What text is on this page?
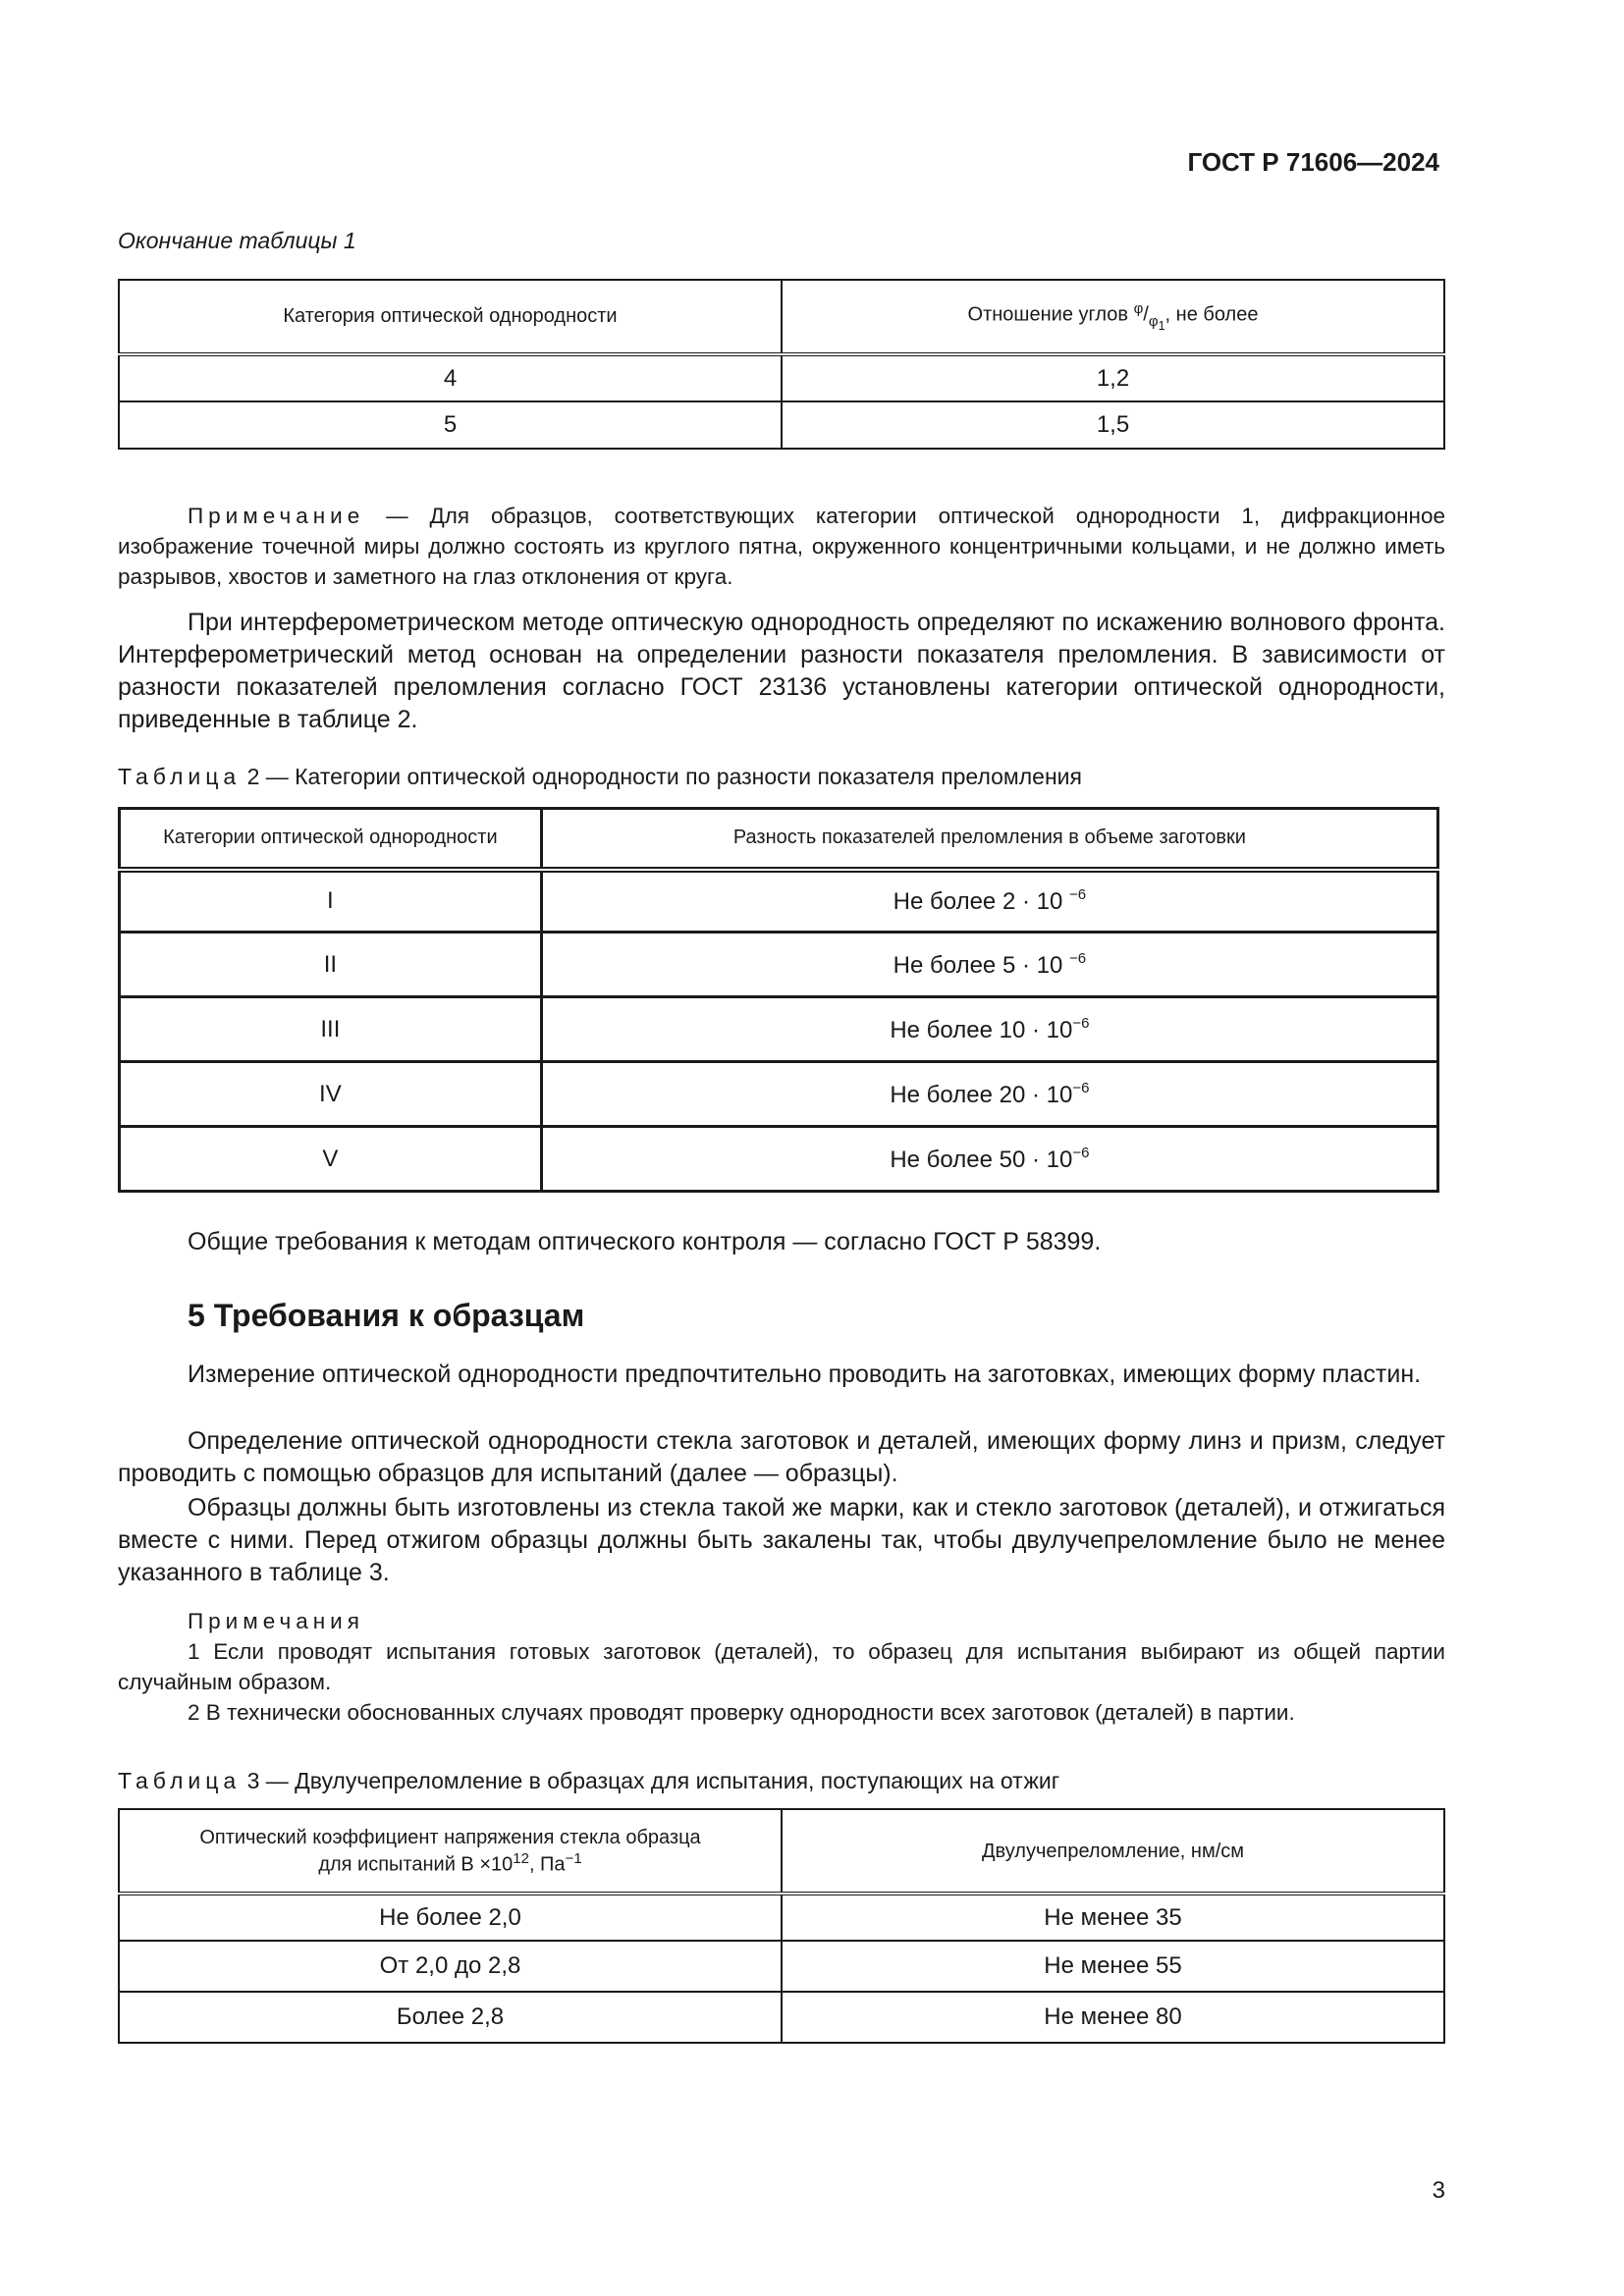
ГОСТ Р 71606—2024
Окончание таблицы 1
Категория оптической однородности	Отношение углов $^\varphi/_{\varphi_1}$, не более
4	1,2
5	1,5
Примечание — Для образцов, соответствующих категории оптической однородности 1, дифракционное изображение точечной миры должно состоять из круглого пятна, окруженного концентричными кольцами, и не должно иметь разрывов, хвостов и заметного на глаз отклонения от круга.
При интерферометрическом методе оптическую однородность определяют по искажению волнового фронта. Интерферометрический метод основан на определении разности показателя преломления. В зависимости от разности показателей преломления согласно ГОСТ 23136 установлены категории оптической однородности, приведенные в таблице 2.
Таблица 2 — Категории оптической однородности по разности показателя преломления
Категории оптической однородности	Разность показателей преломления в объеме заготовки
I	Не более 2 · 10 $^{-6}$
II	Не более 5 · 10 $^{-6}$
III	Не более $10 \cdot 10^{-6}$
IV	Не более $20 \cdot 10^{-6}$
V	Не более $50 \cdot 10^{-6}$
Общие требования к методам оптического контроля — согласно ГОСТ Р 58399.
5 Требования к образцам
Измерение оптической однородности предпочтительно проводить на заготовках, имеющих форму пластин.
Определение оптической однородности стекла заготовок и деталей, имеющих форму линз и призм, следует проводить с помощью образцов для испытаний (далее — образцы).
Образцы должны быть изготовлены из стекла такой же марки, как и стекло заготовок (деталей), и отжигаться вместе с ними. Перед отжигом образцы должны быть закалены так, чтобы двулучепреломление было не менее указанного в таблице 3.
Примечания
1 Если проводят испытания готовых заготовок (деталей), то образец для испытания выбирают из общей партии случайным образом.
2 В технически обоснованных случаях проводят проверку однородности всех заготовок (деталей) в партии.
Таблица 3 — Двулучепреломление в образцах для испытания, поступающих на отжиг
Оптический коэффициент напряжения стекла образца
для испытаний $B \times 10^{12}$, $Па^{-1}$	Двулучепреломление, нм/см
Не более 2,0	Не менее 35
От 2,0 до 2,8	Не менее 55
Более 2,8	Не менее 80
3
